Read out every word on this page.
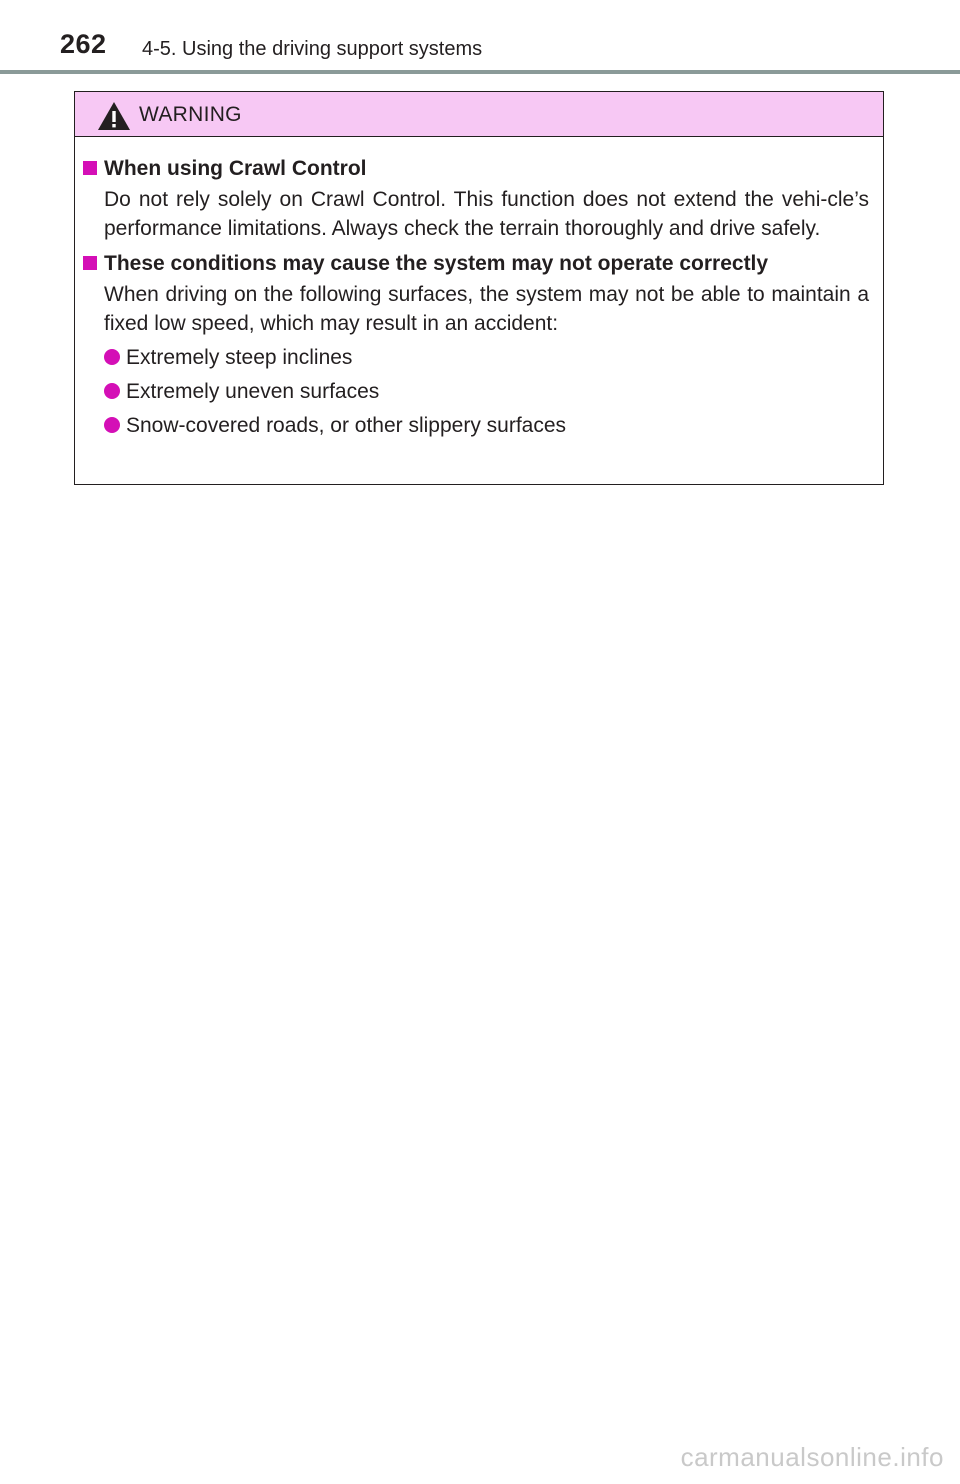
262 4-5. Using the driving support systems
WARNING
When using Crawl Control
Do not rely solely on Crawl Control. This function does not extend the vehi-cle’s performance limitations. Always check the terrain thoroughly and drive safely.
These conditions may cause the system may not operate correctly
When driving on the following surfaces, the system may not be able to maintain a fixed low speed, which may result in an accident:
Extremely steep inclines
Extremely uneven surfaces
Snow-covered roads, or other slippery surfaces
carmanualsonline.info
